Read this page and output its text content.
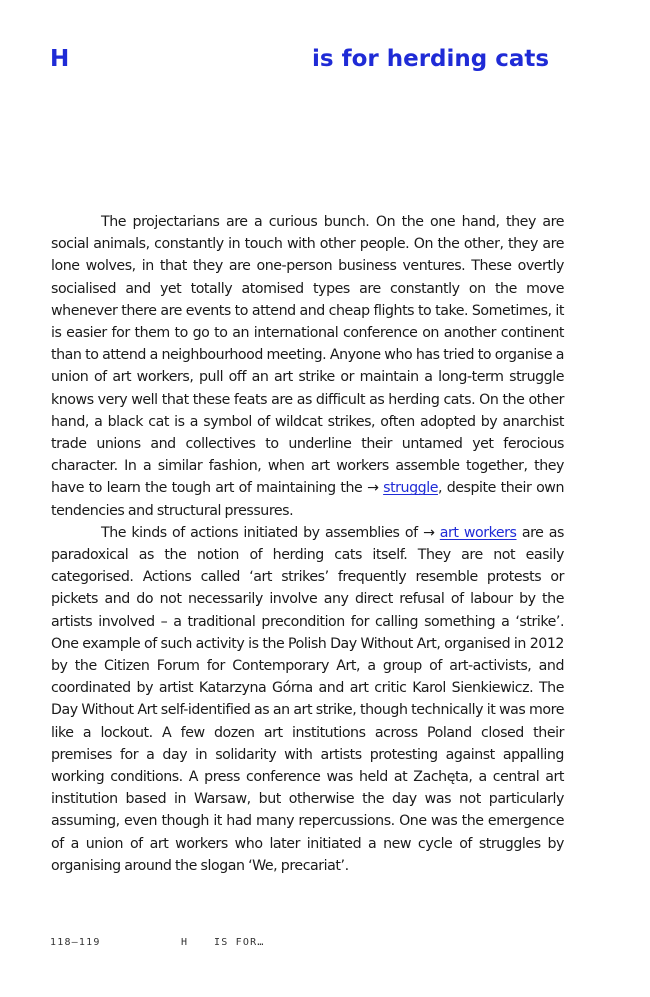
H	is for herding cats

The projectarians are a curious bunch. On the one hand, they are social animals, constantly in touch with other people. On the other, they are lone wolves, in that they are one-person business ventures. These overtly socialised and yet totally atomised types are constantly on the move whenever there are events to attend and cheap flights to take. Sometimes, it is easier for them to go to an international conference on another continent than to attend a neighbourhood meeting. Anyone who has tried to organise a union of art workers, pull off an art strike or maintain a long-term struggle knows very well that these feats are as difficult as herding cats. On the other hand, a black cat is a symbol of wildcat strikes, often adopted by anarchist trade unions and collectives to underline their untamed yet ferocious character. In a similar fashion, when art workers assemble together, they have to learn the tough art of maintaining the → struggle, despite their own tendencies and structural pressures.

The kinds of actions initiated by assemblies of → art workers are as paradoxical as the notion of herding cats itself. They are not easily categorised. Actions called ‘art strikes’ frequently resemble protests or pickets and do not necessarily involve any direct refusal of labour by the artists involved – a traditional precondition for calling something a ‘strike’. One example of such activity is the Polish Day Without Art, organised in 2012 by the Citizen Forum for Contemporary Art, a group of art-activists, and coordinated by artist Katarzyna Górna and art critic Karol Sienkiewicz. The Day Without Art self-identified as an art strike, though technically it was more like a lockout. A few dozen art institutions across Poland closed their premises for a day in solidarity with artists protesting against appalling working conditions. A press conference was held at Zachęta, a central art institution based in Warsaw, but otherwise the day was not particularly assuming, even though it had many repercussions. One was the emergence of a union of art workers who later initiated a new cycle of struggles by organising around the slogan ‘We, precariat’.

118–119	H	IS FOR…
